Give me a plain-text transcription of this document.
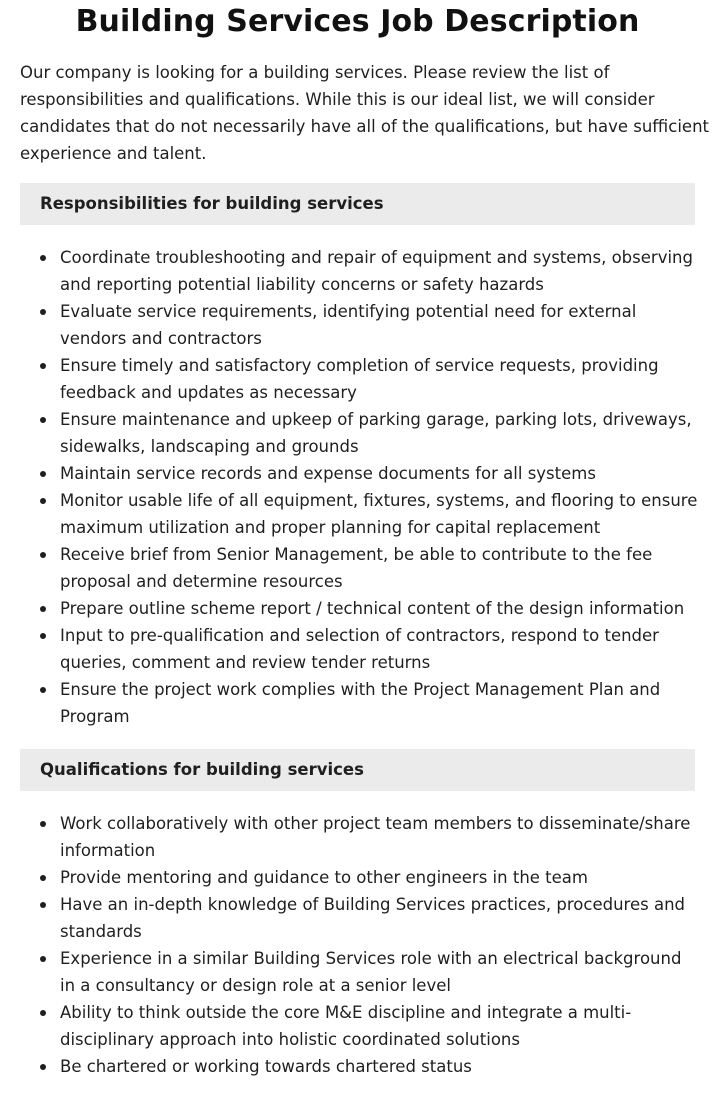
Building Services Job Description

Our company is looking for a building services. Please review the list of responsibilities and qualifications. While this is our ideal list, we will consider candidates that do not necessarily have all of the qualifications, but have sufficient experience and talent.

Responsibilities for building services
Coordinate troubleshooting and repair of equipment and systems, observing and reporting potential liability concerns or safety hazards
Evaluate service requirements, identifying potential need for external vendors and contractors
Ensure timely and satisfactory completion of service requests, providing feedback and updates as necessary
Ensure maintenance and upkeep of parking garage, parking lots, driveways, sidewalks, landscaping and grounds
Maintain service records and expense documents for all systems
Monitor usable life of all equipment, fixtures, systems, and flooring to ensure maximum utilization and proper planning for capital replacement
Receive brief from Senior Management, be able to contribute to the fee proposal and determine resources
Prepare outline scheme report / technical content of the design information
Input to pre-qualification and selection of contractors, respond to tender queries, comment and review tender returns
Ensure the project work complies with the Project Management Plan and Program
Qualifications for building services
Work collaboratively with other project team members to disseminate/share information
Provide mentoring and guidance to other engineers in the team
Have an in-depth knowledge of Building Services practices, procedures and standards
Experience in a similar Building Services role with an electrical background in a consultancy or design role at a senior level
Ability to think outside the core M&E discipline and integrate a multi-disciplinary approach into holistic coordinated solutions
Be chartered or working towards chartered status
